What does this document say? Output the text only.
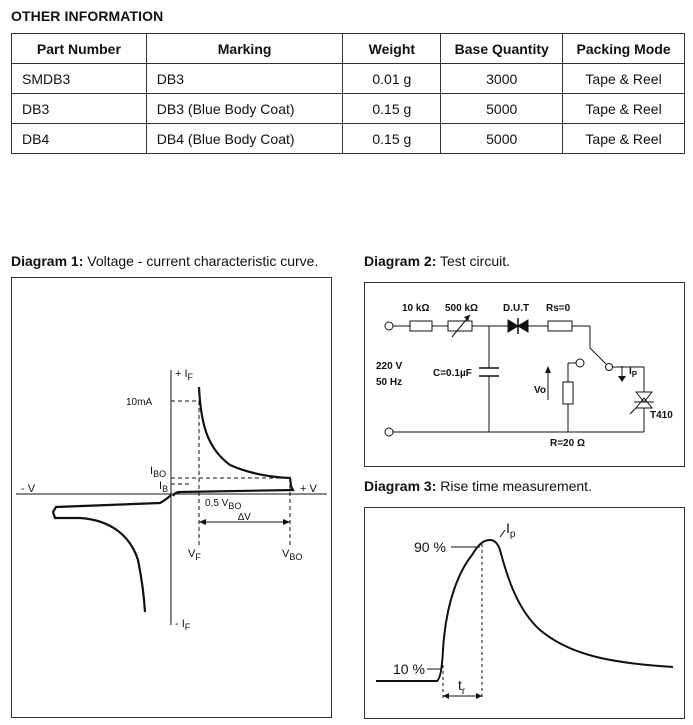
OTHER INFORMATION
Part Number	Marking	Weight	Base Quantity	Packing Mode
SMDB3	DB3	0.01 g	3000	Tape & Reel
DB3	DB3 (Blue Body Coat)	0.15 g	5000	Tape & Reel
DB4	DB4 (Blue Body Coat)	0.15 g	5000	Tape & Reel
Diagram 1: Voltage - current characteristic curve.	Diagram 2: Test circuit.
Diagram 3: Rise time measurement.
+ $I_F$
- $I_F$
+ V
- V
10mA
$I_{BO}$
$I_B$
0,5 VBO
∆V
$V_F$	$V_{BO}$
10 kΩ 500 kΩ D.U.T Rs=0
220 V
50 Hz
C=0.1µF
Vo
$I_P$
T410
R=20 Ω
90 %
10 %
$I_p$
$t_r$
